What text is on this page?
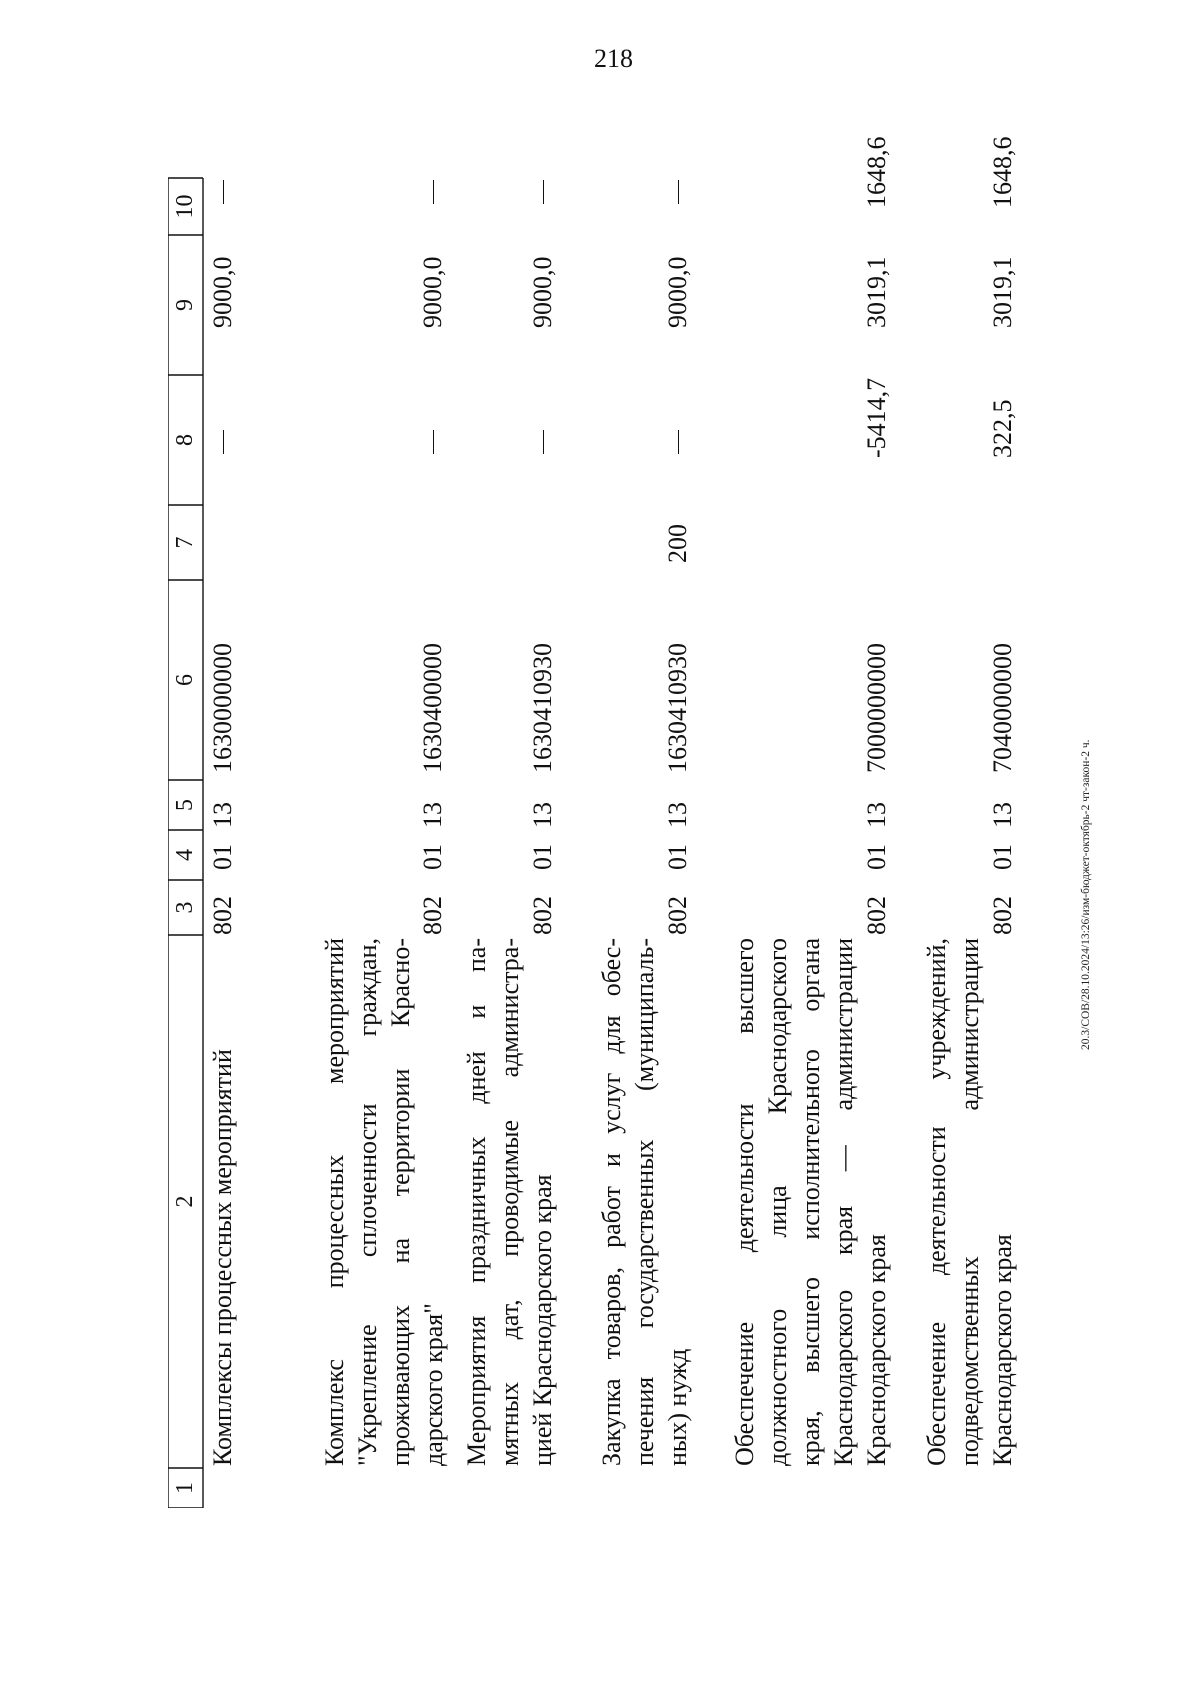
218
20.3/СОВ/28.10.2024/13:26/изм-бюджет-октябрь-2 чт-закон-2 ч.
1
2
3
4
5
6
7
8
9
10
Комплексы процессных мероприятий
802
01
13
1630000000
9000,0
Комплекс процессных мероприятий "Укрепление сплоченности граждан, проживающих на территории Красно- дарского края"
802
01
13
1630400000
9000,0
Мероприятия праздничных дней и па- мятных дат, проводимые администра- цией Краснодарского края
802
01
13
1630410930
9000,0
Закупка товаров, работ и услуг для обес- печения государственных (муниципаль- ных) нужд
802
01
13
1630410930
200
9000,0
Обеспечение деятельности высшего должностного лица Краснодарского края, высшего исполнительного органа Краснодарского края — администрации Краснодарского края
802
01
13
7000000000
-5414,7
3019,1
1648,6
Обеспечение деятельности учреждений, подведомственных администрации Краснодарского края
802
01
13
7040000000
322,5
3019,1
1648,6
